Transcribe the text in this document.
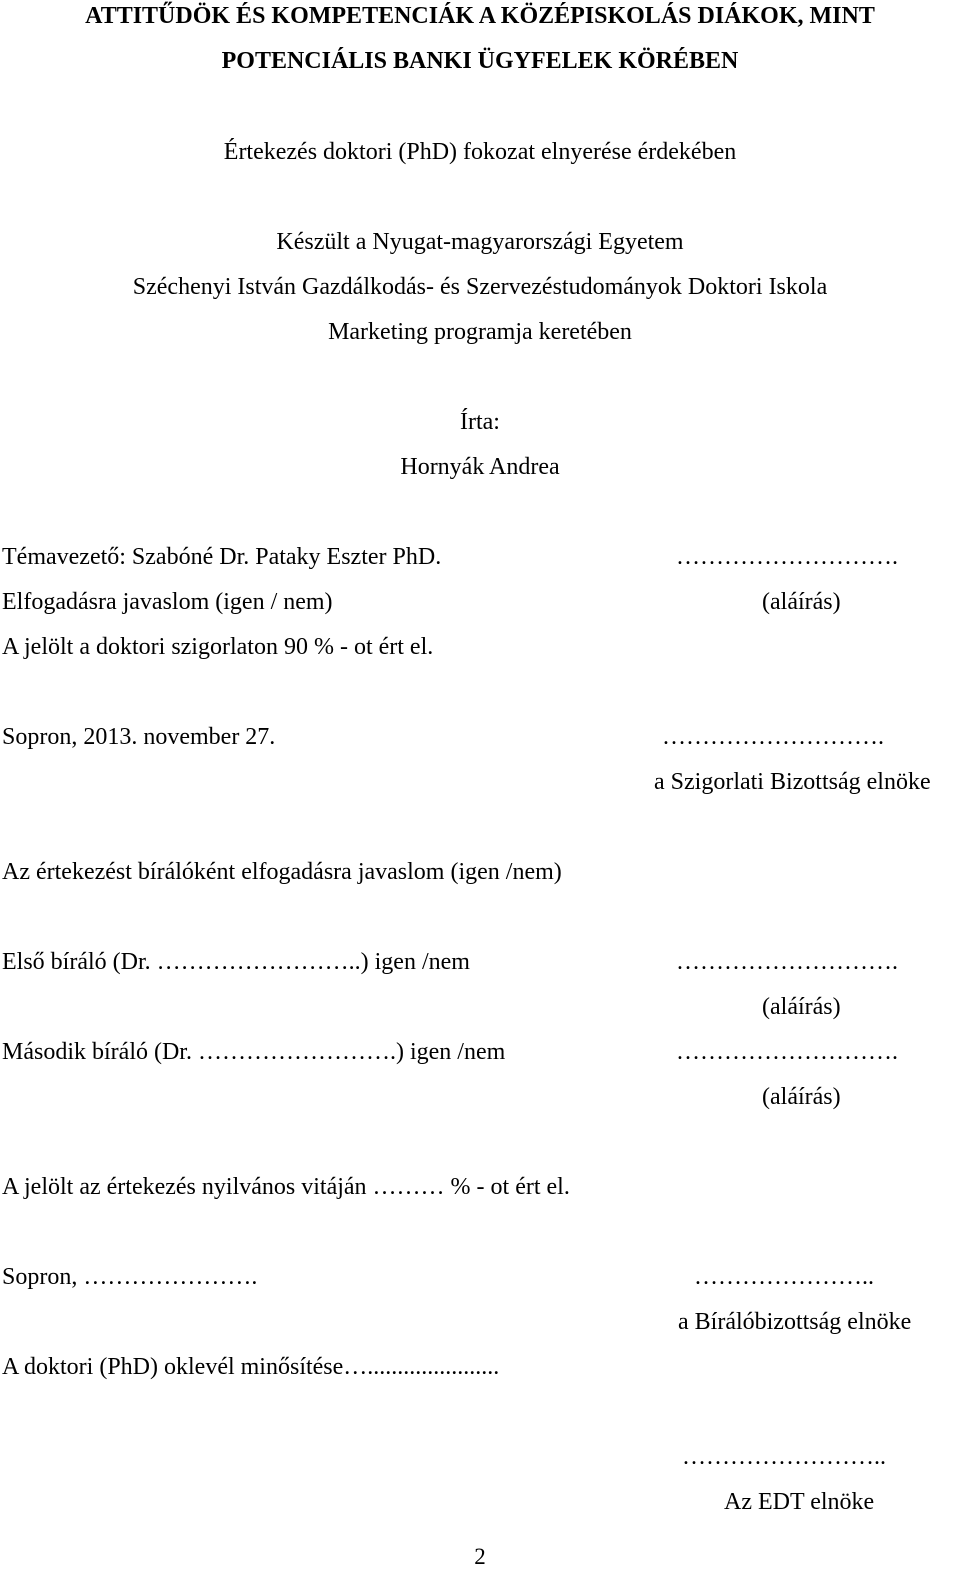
ATTITŰDÖK ÉS KOMPETENCIÁK A KÖZÉPISKOLÁS DIÁKOK, MINT
POTENCIÁLIS BANKI ÜGYFELEK KÖRÉBEN
Értekezés doktori (PhD) fokozat elnyerése érdekében
Készült a Nyugat-magyarországi Egyetem
Széchenyi István Gazdálkodás- és Szervezéstudományok Doktori Iskola
Marketing programja keretében
Írta:
Hornyák Andrea
Témavezető: Szabóné Dr. Pataky Eszter PhD.	……………………….
Elfogadásra javaslom (igen / nem)	(aláírás)
A jelölt a doktori szigorlaton 90 % - ot ért el.
Sopron, 2013. november 27.	……………………….
a Szigorlati Bizottság elnöke
Az értekezést bírálóként elfogadásra javaslom (igen /nem)
Első bíráló (Dr. ……………………..) igen /nem	……………………….
(aláírás)
Második bíráló (Dr. …………………….) igen /nem	……………………….
(aláírás)
A jelölt az értekezés nyilvános vitáján ……… % - ot ért el.
Sopron, ………………….	…………………..
a Bírálóbizottság elnöke
A doktori (PhD) oklevél minősítése…......................
……………………..
Az EDT elnöke
2
